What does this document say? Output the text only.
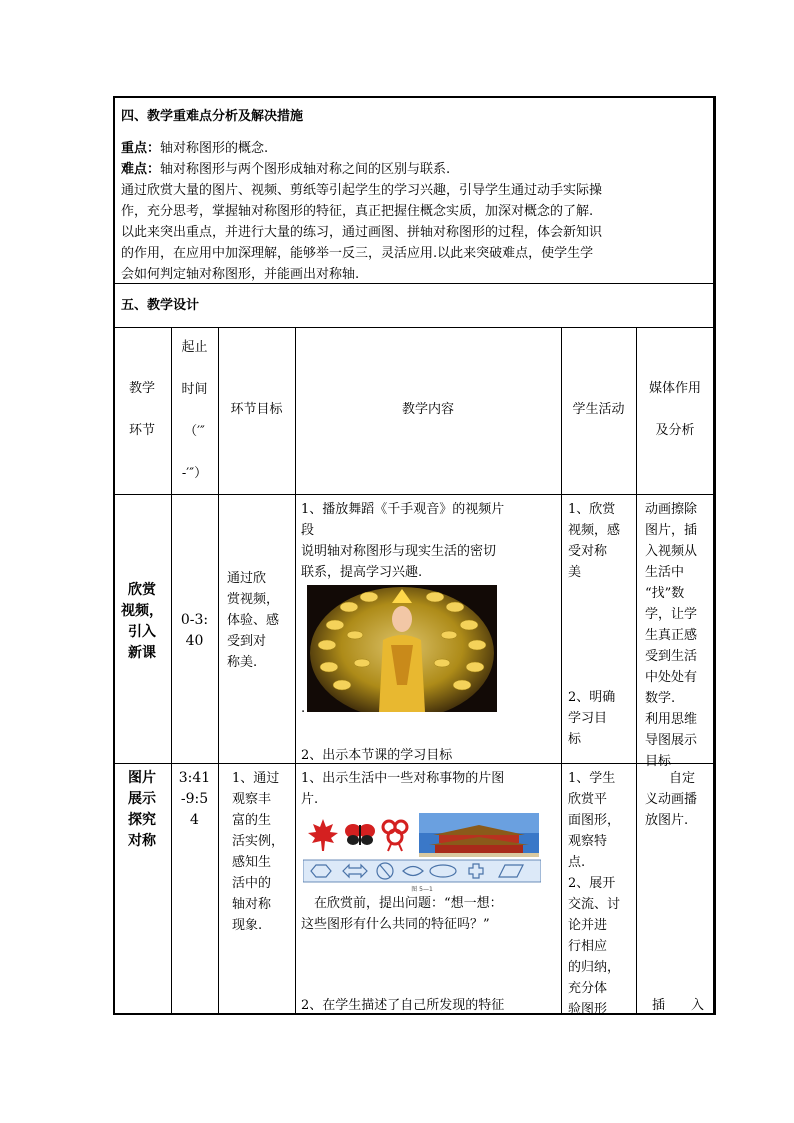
四、教学重难点分析及解决措施
重点：轴对称图形的概念.
难点：轴对称图形与两个图形成轴对称之间的区别与联系.
通过欣赏大量的图片、视频、剪纸等引起学生的学习兴趣，引导学生通过动手实际操
作，充分思考，掌握轴对称图形的特征，真正把握住概念实质，加深对概念的了解.
以此来突出重点，并进行大量的练习，通过画图、拼轴对称图形的过程，体会新知识
的作用，在应用中加深理解，能够举一反三，灵活应用.以此来突破难点，使学生学
会如何判定轴对称图形，并能画出对称轴.
五、教学设计
教学
环节
起止
时间
（′″
-′″）
环节目标	教学内容	学生活动
媒体作用
及分析
欣赏
视频，
引入
新课
0-3:
40
通过欣
赏视频，
体验、感
受到对
称美.
1、播放舞蹈《千手观音》的视频片
段
说明轴对称图形与现实生活的密切
联系，提高学习兴趣.
.
2、出示本节课的学习目标
1、欣赏
视频，感
受对称
美
2、明确
学习目
标
动画擦除
图片，插
入视频从
生活中
“找”数
学，让学
生真正感
受到生活
中处处有
数学.
利用思维
导图展示
目标
图片
展示
探究
对称
3:41
-9:5
4
1、通过
观察丰
富的生
活实例，
感知生
活中的
轴对称
现象.
1、出示生活中一些对称事物的片图
片.
图 5—1
在欣赏前，提出问题：“想一想：
这些图形有什么共同的特征吗？”
2、在学生描述了自己所发现的特征
1、学生
欣赏平
面图形，
观察特
点.
2、展开
交流、讨
论并进
行相应
的归纳，
充分体
验图形
自定
义动画播
放图片.
插　　入
